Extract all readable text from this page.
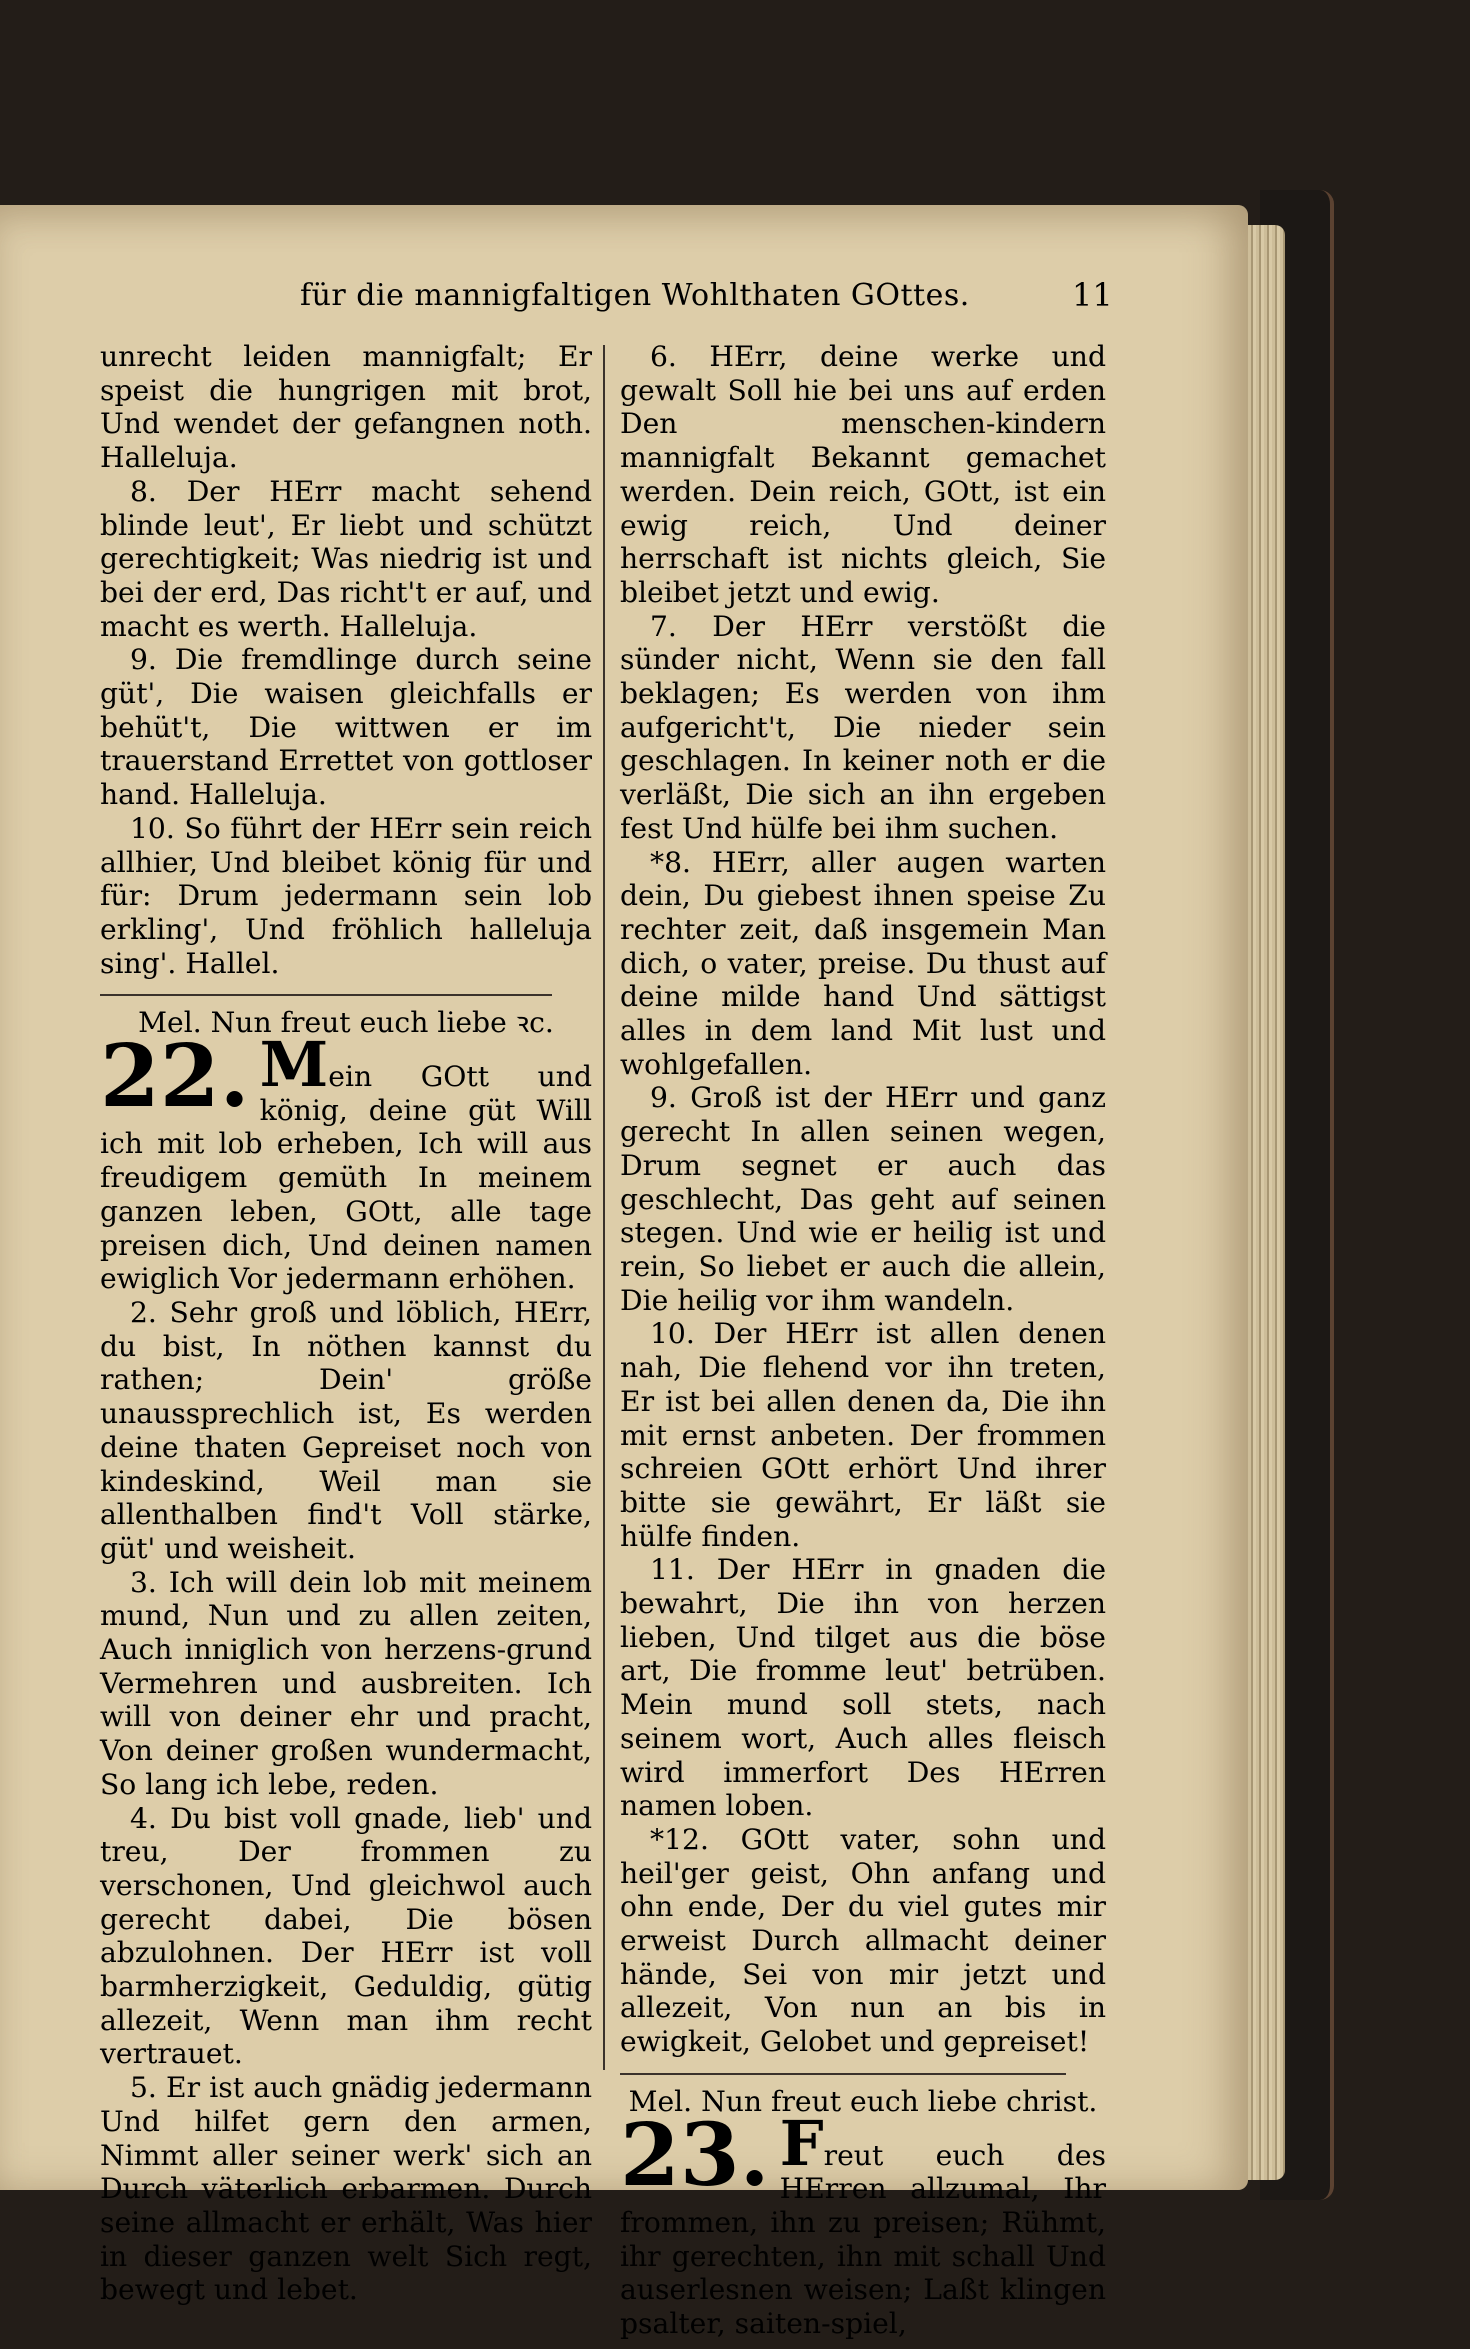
für die mannigfaltigen Wohlthaten GOttes.	11

unrecht leiden mannigfalt; Er speist die hungrigen mit brot, Und wendet der gefangnen noth. Halleluja.

8. Der HErr macht sehend blinde leut', Er liebt und schützt gerechtigkeit; Was niedrig ist und bei der erd, Das richt't er auf, und macht es werth. Halleluja.

9. Die fremdlinge durch seine güt', Die waisen gleichfalls er behüt't, Die wittwen er im trauerstand Errettet von gottloser hand. Halleluja.

10. So führt der HErr sein reich allhier, Und bleibet könig für und für: Drum jedermann sein lob erkling', Und fröhlich halleluja sing'. Hallel.

Mel. Nun freut euch liebe ꝛc.

22. Mein GOtt und könig, deine güt Will ich mit lob erheben, Ich will aus freudigem gemüth In meinem ganzen leben, GOtt, alle tage preisen dich, Und deinen namen ewiglich Vor jedermann erhöhen.

2. Sehr groß und löblich, HErr, du bist, In nöthen kannst du rathen; Dein' größe unaussprechlich ist, Es werden deine thaten Gepreiset noch von kindeskind, Weil man sie allenthalben find't Voll stärke, güt' und weisheit.

3. Ich will dein lob mit meinem mund, Nun und zu allen zeiten, Auch inniglich von herzens-grund Vermehren und ausbreiten. Ich will von deiner ehr und pracht, Von deiner großen wundermacht, So lang ich lebe, reden.

4. Du bist voll gnade, lieb' und treu, Der frommen zu verschonen, Und gleichwol auch gerecht dabei, Die bösen abzulohnen. Der HErr ist voll barmherzigkeit, Geduldig, gütig allezeit, Wenn man ihm recht vertrauet.

5. Er ist auch gnädig jedermann Und hilfet gern den armen, Nimmt aller seiner werk' sich an Durch väterlich erbarmen. Durch seine allmacht er erhält, Was hier in dieser ganzen welt Sich regt, bewegt und lebet.

6. HErr, deine werke und gewalt Soll hie bei uns auf erden Den menschen-kindern mannigfalt Bekannt gemachet werden. Dein reich, GOtt, ist ein ewig reich, Und deiner herrschaft ist nichts gleich, Sie bleibet jetzt und ewig.

7. Der HErr verstößt die sünder nicht, Wenn sie den fall beklagen; Es werden von ihm aufgericht't, Die nieder sein geschlagen. In keiner noth er die verläßt, Die sich an ihn ergeben fest Und hülfe bei ihm suchen.

*8. HErr, aller augen warten dein, Du giebest ihnen speise Zu rechter zeit, daß insgemein Man dich, o vater, preise. Du thust auf deine milde hand Und sättigst alles in dem land Mit lust und wohlgefallen.

9. Groß ist der HErr und ganz gerecht In allen seinen wegen, Drum segnet er auch das geschlecht, Das geht auf seinen stegen. Und wie er heilig ist und rein, So liebet er auch die allein, Die heilig vor ihm wandeln.

10. Der HErr ist allen denen nah, Die flehend vor ihn treten, Er ist bei allen denen da, Die ihn mit ernst anbeten. Der frommen schreien GOtt erhört Und ihrer bitte sie gewährt, Er läßt sie hülfe finden.

11. Der HErr in gnaden die bewahrt, Die ihn von herzen lieben, Und tilget aus die böse art, Die fromme leut' betrüben. Mein mund soll stets, nach seinem wort, Auch alles fleisch wird immerfort Des HErren namen loben.

*12. GOtt vater, sohn und heil'ger geist, Ohn anfang und ohn ende, Der du viel gutes mir erweist Durch allmacht deiner hände, Sei von mir jetzt und allezeit, Von nun an bis in ewigkeit, Gelobet und gepreiset!

Mel. Nun freut euch liebe christ.

23. Freut euch des HErren allzumal, Ihr frommen, ihn zu preisen; Rühmt, ihr gerechten, ihn mit schall Und auserlesnen weisen; Laßt klingen psalter, saiten-spiel,
